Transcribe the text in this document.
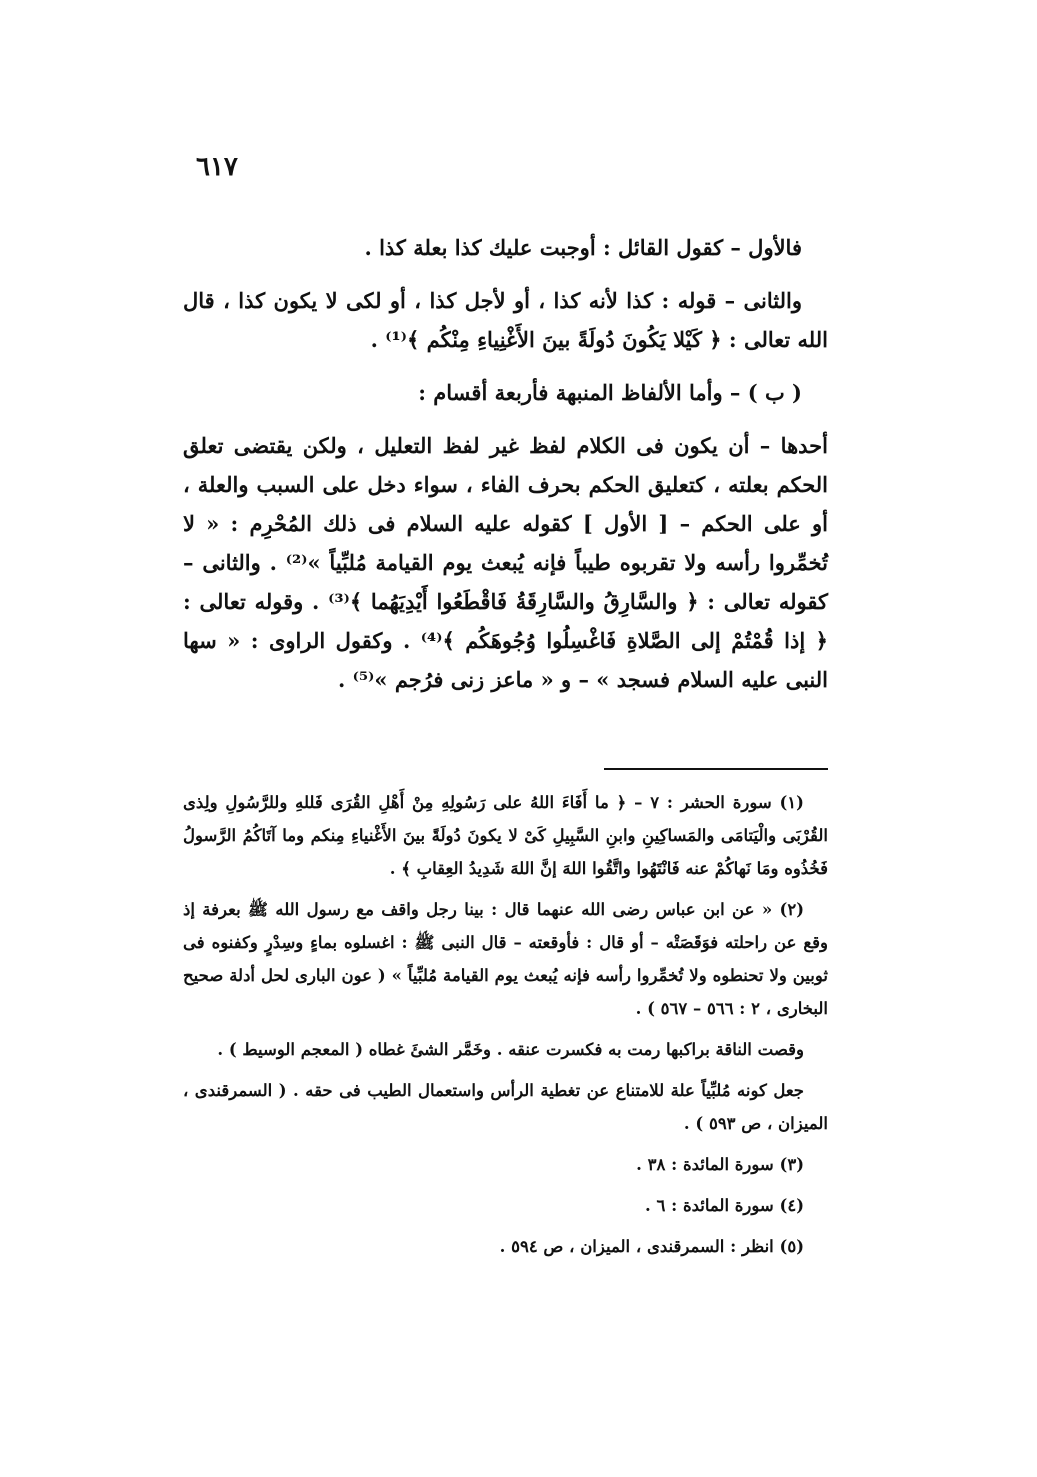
٦١٧

فالأول – كقول القائل : أوجبت عليك كذا بعلة كذا .

والثانى – قوله : كذا لأنه كذا ، أو لأجل كذا ، أو لكى لا يكون كذا ، قال الله تعالى : ﴿ كَيْلا يَكُونَ دُولَةً بينَ الأَغْنِياءِ مِنْكُم ﴾⁽¹⁾ .

( ب ) – وأما الألفاظ المنبهة فأربعة أقسام :

أحدها – أن يكون فى الكلام لفظ غير لفظ التعليل ، ولكن يقتضى تعلق الحكم بعلته ، كتعليق الحكم بحرف الفاء ، سواء دخل على السبب والعلة ، أو على الحكم – [ الأول ] كقوله عليه السلام فى ذلك المُحْرِم : « لا تُخمِّروا رأسه ولا تقربوه طيباً فإنه يُبعث يوم القيامة مُلبِّياً »⁽²⁾ . والثانى – كقوله تعالى : ﴿ والسَّارِقُ والسَّارِقَةُ فَاقْطَعُوا أَيْدِيَهُما ﴾⁽³⁾ . وقوله تعالى : ﴿ إذا قُمْتُمْ إلى الصَّلاةِ فَاغْسِلُوا وُجُوهَكُم ﴾⁽⁴⁾ . وكقول الراوى : « سها النبى عليه السلام فسجد » – و « ماعز زنى فرُجم »⁽⁵⁾ .

(١) سورة الحشر : ٧ – ﴿ ما أَفَاءَ اللهُ على رَسُولِهِ مِنْ أَهْلِ القُرَى فَللهِ وللرَّسُولِ ولِذى القُرْبَى والْيَتامَى والمَساكِينِ وابنِ السَّبِيلِ كَىْ لا يكونَ دُولَةً بينَ الأَغْنياءِ مِنكم وما آتَاكُمُ الرَّسولُ فَخُذُوه ومَا نَهاكُمْ عنه فَانْتَهُوا واتَّقُوا اللهَ إنَّ اللهَ شَدِيدُ العِقابِ ﴾ .

(٢) « عن ابن عباس رضى الله عنهما قال : بينا رجل واقف مع رسول الله ﷺ بعرفة إذ وقع عن راحلته فوَقَصَتْه – أو قال : فأوقعته – قال النبى ﷺ : اغسلوه بماءٍ وسِدْرٍ وكفنوه فى ثوبين ولا تحنطوه ولا تُخمِّروا رأسه فإنه يُبعث يوم القيامة مُلبِّياً » ( عون البارى لحل أدلة صحيح البخارى ، ٢ : ٥٦٦ – ٥٦٧ ) .

وقصت الناقة براكبها رمت به فكسرت عنقه . وخَمَّر الشئَ غطاه ( المعجم الوسيط ) .

جعل كونه مُلبِّياً علة للامتناع عن تغطية الرأس واستعمال الطيب فى حقه . ( السمرقندى ، الميزان ، ص ٥٩٣ ) .

(٣) سورة المائدة : ٣٨ .

(٤) سورة المائدة : ٦ .

(٥) انظر : السمرقندى ، الميزان ، ص ٥٩٤ .
